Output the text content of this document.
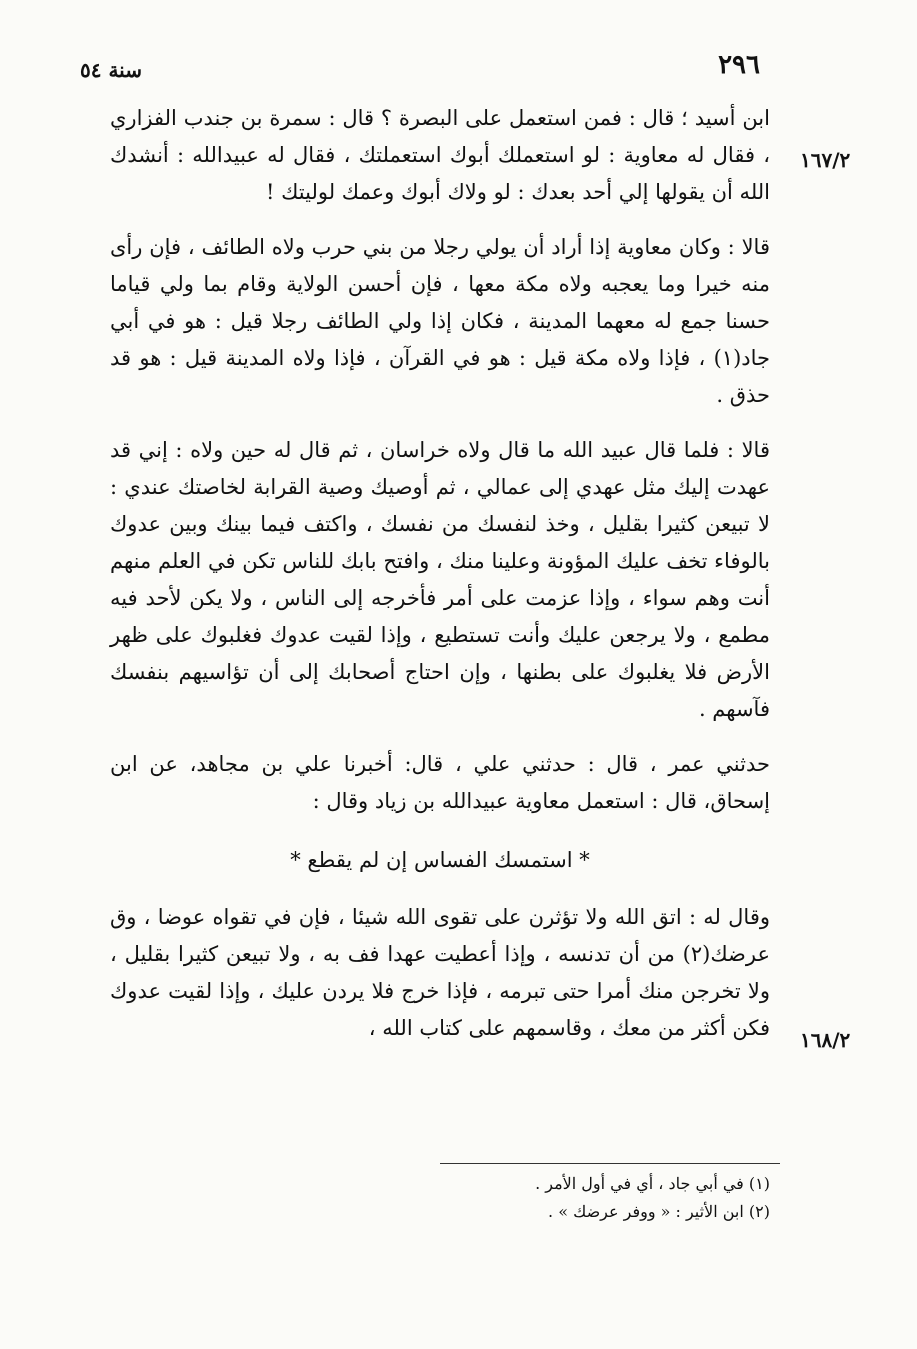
٢٩٦
سنة ٥٤
١٦٧/٢
١٦٨/٢

ابن أسيد ؛ قال : فمن استعمل على البصرة ؟ قال : سمرة بن جندب الفزاري ، فقال له معاوية : لو استعملك أبوك استعملتك ، فقال له عبيدالله : أنشدك الله أن يقولها إلي أحد بعدك : لو ولاك أبوك وعمك لوليتك !

قالا : وكان معاوية إذا أراد أن يولي رجلا من بني حرب ولاه الطائف ، فإن رأى منه خيرا وما يعجبه ولاه مكة معها ، فإن أحسن الولاية وقام بما ولي قياما حسنا جمع له معهما المدينة ، فكان إذا ولي الطائف رجلا قيل : هو في أبي جاد(١) ، فإذا ولاه مكة قيل : هو في القرآن ، فإذا ولاه المدينة قيل : هو قد حذق .

قالا : فلما قال عبيد الله ما قال ولاه خراسان ، ثم قال له حين ولاه : إني قد عهدت إليك مثل عهدي إلى عمالي ، ثم أوصيك وصية القرابة لخاصتك عندي : لا تبيعن كثيرا بقليل ، وخذ لنفسك من نفسك ، واكتف فيما بينك وبين عدوك بالوفاء تخف عليك المؤونة وعلينا منك ، وافتح بابك للناس تكن في العلم منهم أنت وهم سواء ، وإذا عزمت على أمر فأخرجه إلى الناس ، ولا يكن لأحد فيه مطمع ، ولا يرجعن عليك وأنت تستطيع ، وإذا لقيت عدوك فغلبوك على ظهر الأرض فلا يغلبوك على بطنها ، وإن احتاج أصحابك إلى أن تؤاسيهم بنفسك فآسهم .

حدثني عمر ، قال : حدثني علي ، قال: أخبرنا علي بن مجاهد، عن ابن إسحاق، قال : استعمل معاوية عبيدالله بن زياد وقال :

* استمسك الفساس إن لم يقطع *

وقال له : اتق الله ولا تؤثرن على تقوى الله شيئا ، فإن في تقواه عوضا ، وق عرضك(٢) من أن تدنسه ، وإذا أعطيت عهدا فف به ، ولا تبيعن كثيرا بقليل ، ولا تخرجن منك أمرا حتى تبرمه ، فإذا خرج فلا يردن عليك ، وإذا لقيت عدوك فكن أكثر من معك ، وقاسمهم على كتاب الله ،

(١) في أبي جاد ، أي في أول الأمر .

(٢) ابن الأثير : « ووفر عرضك » .
